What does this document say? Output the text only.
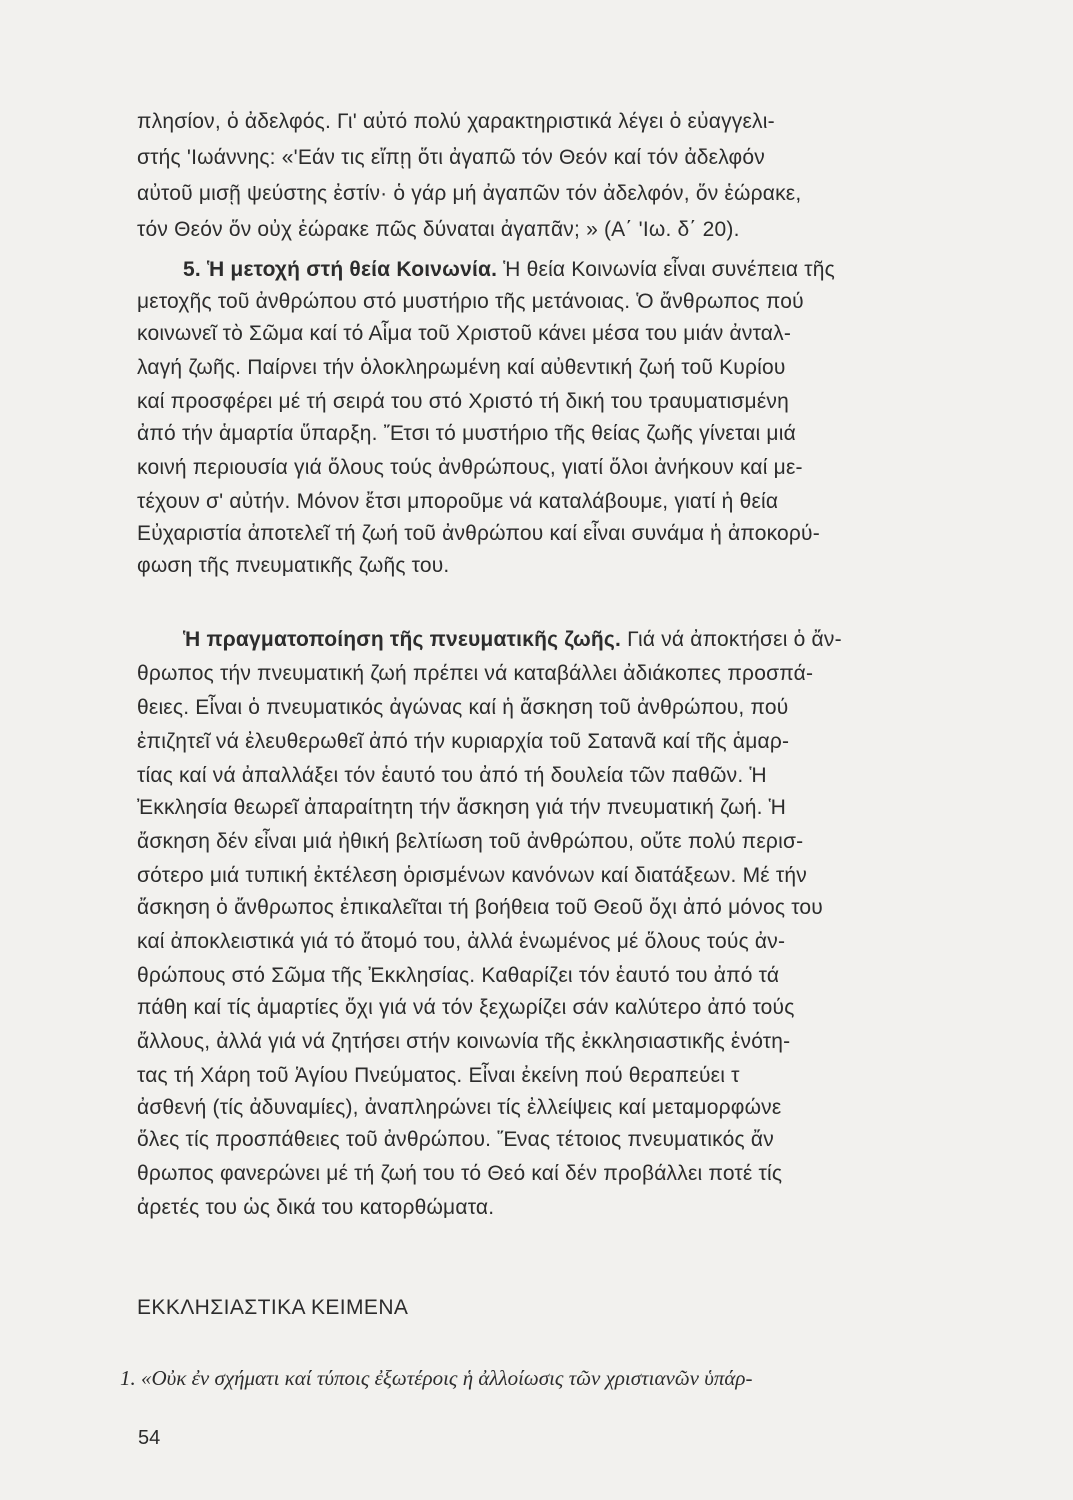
πλησίον, ὁ ἀδελφός. Γι' αὐτό πολύ χαρακτηριστικά λέγει ὁ εὐαγγελι-
στής 'Ιωάννης: «'Εάν τις εἴπῃ ὅτι ἀγαπῶ τόν Θεόν καί τόν ἀδελφόν
αὐτοῦ μισῇ ψεύστης ἐστίν· ὁ γάρ μή ἀγαπῶν τόν ἀδελφόν, ὅν ἑώρακε,
τόν Θεόν ὅν οὐχ ἑώρακε πῶς δύναται ἀγαπᾶν; » (Α΄ 'Ιω. δ΄ 20).
5. Ἡ μετοχή στή θεία Κοινωνία. Ἡ θεία Κοινωνία εἶναι συνέπεια τῆς
μετοχῆς τοῦ ἀνθρώπου στό μυστήριο τῆς μετάνοιας. Ὁ ἄνθρωπος πού
κοινωνεῖ τὸ Σῶμα καί τό Αἷμα τοῦ Χριστοῦ κάνει μέσα του μιάν ἀνταλ-
λαγή ζωῆς. Παίρνει τήν ὁλοκληρωμένη καί αὐθεντική ζωή τοῦ Κυρίου
καί προσφέρει μέ τή σειρά του στό Χριστό τή δική του τραυματισμένη
ἀπό τήν ἁμαρτία ὕπαρξη. Ἔτσι τό μυστήριο τῆς θείας ζωῆς γίνεται μιά
κοινή περιουσία γιά ὅλους τούς ἀνθρώπους, γιατί ὅλοι ἀνήκουν καί με-
τέχουν σ' αὐτήν. Μόνον ἔτσι μποροῦμε νά καταλάβουμε, γιατί ἡ θεία
Εὐχαριστία ἀποτελεῖ τή ζωή τοῦ ἀνθρώπου καί εἶναι συνάμα ἡ ἀποκορύ-
φωση τῆς πνευματικῆς ζωῆς του.
Ἡ πραγματοποίηση τῆς πνευματικῆς ζωῆς. Γιά νά ἀποκτήσει ὁ ἄν-
θρωπος τήν πνευματική ζωή πρέπει νά καταβάλλει ἀδιάκοπες προσπά-
θειες. Εἶναι ὁ πνευματικός ἀγώνας καί ἡ ἄσκηση τοῦ ἀνθρώπου, πού
ἐπιζητεῖ νά ἐλευθερωθεῖ ἀπό τήν κυριαρχία τοῦ Σατανᾶ καί τῆς ἁμαρ-
τίας καί νά ἀπαλλάξει τόν ἑαυτό του ἀπό τή δουλεία τῶν παθῶν. Ἡ
Ἐκκλησία θεωρεῖ ἀπαραίτητη τήν ἄσκηση γιά τήν πνευματική ζωή. Ἡ
ἄσκηση δέν εἶναι μιά ἠθική βελτίωση τοῦ ἀνθρώπου, οὔτε πολύ περισ-
σότερο μιά τυπική ἐκτέλεση ὁρισμένων κανόνων καί διατάξεων. Μέ τήν
ἄσκηση ὁ ἄνθρωπος ἐπικαλεῖται τή βοήθεια τοῦ Θεοῦ ὄχι ἀπό μόνος του
καί ἀποκλειστικά γιά τό ἄτομό του, ἀλλά ἑνωμένος μέ ὅλους τούς ἀν-
θρώπους στό Σῶμα τῆς Ἐκκλησίας. Καθαρίζει τόν ἑαυτό του ἀπό τά
πάθη καί τίς ἁμαρτίες ὄχι γιά νά τόν ξεχωρίζει σάν καλύτερο ἀπό τούς
ἄλλους, ἀλλά γιά νά ζητήσει στήν κοινωνία τῆς ἐκκλησιαστικῆς ἑνότη-
τας τή Χάρη τοῦ Ἁγίου Πνεύματος. Εἶναι ἐκείνη πού θεραπεύει τ
ἀσθενή (τίς ἀδυναμίες), ἀναπληρώνει τίς ἐλλείψεις καί μεταμορφώνε
ὅλες τίς προσπάθειες τοῦ ἀνθρώπου. Ἕνας τέτοιος πνευματικός ἄν
θρωπος φανερώνει μέ τή ζωή του τό Θεό καί δέν προβάλλει ποτέ τίς
ἀρετές του ὡς δικά του κατορθώματα.
ΕΚΚΛΗΣΙΑΣΤΙΚΑ ΚΕΙΜΕΝΑ
1. «Οὐκ ἐν σχήματι καί τύποις ἐξωτέροις ἡ ἀλλοίωσις τῶν χριστιανῶν ὑπάρ-
54
